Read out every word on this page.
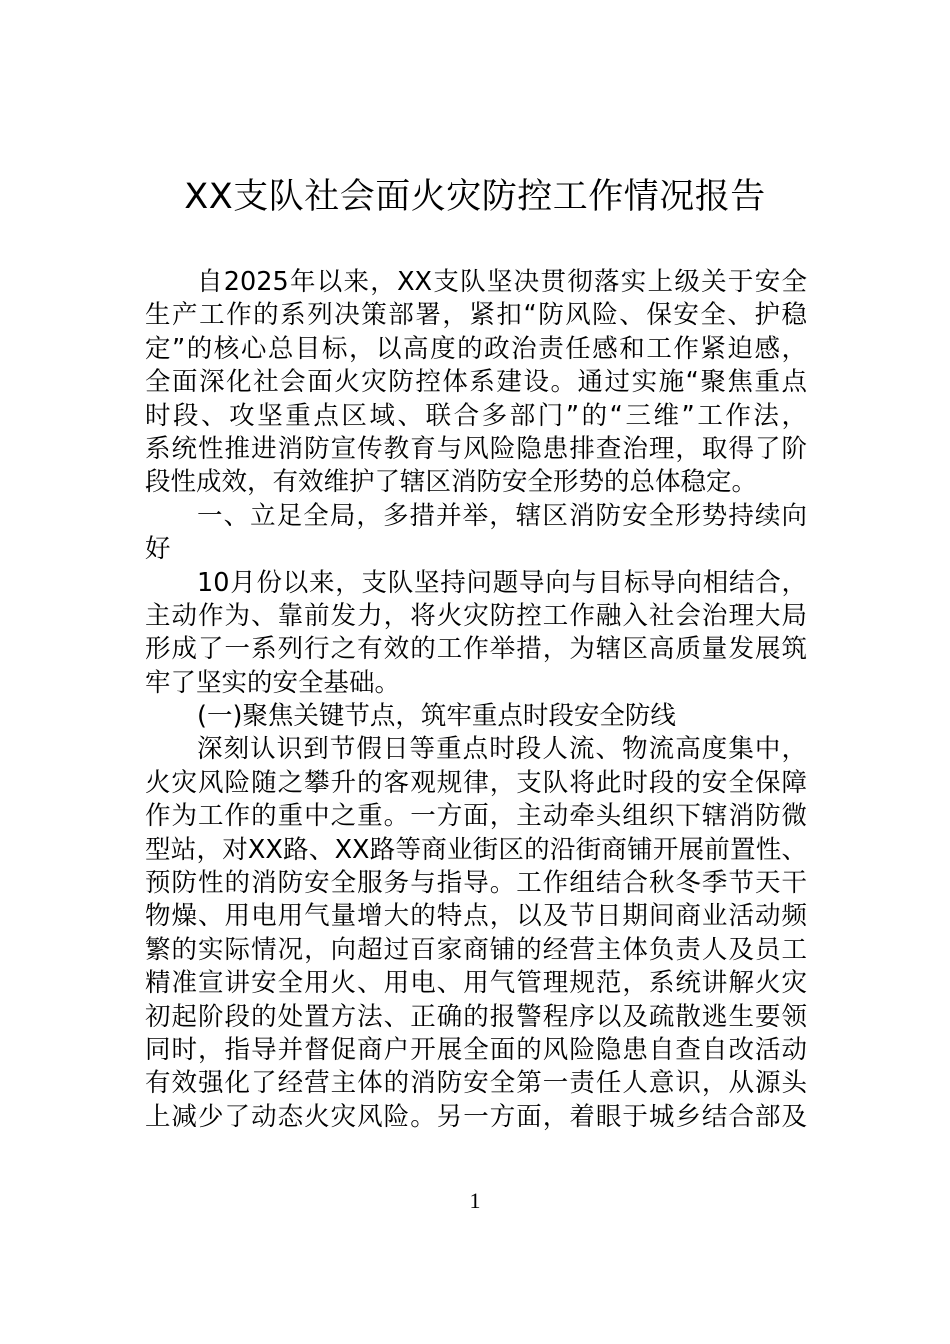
XX支队社会面火灾防控工作情况报告
自2025年以来，XX支队坚决贯彻落实上级关于安全
生产工作的系列决策部署，紧扣“防风险、保安全、护稳
定”的核心总目标，以高度的政治责任感和工作紧迫感，
全面深化社会面火灾防控体系建设。通过实施“聚焦重点
时段、攻坚重点区域、联合多部门”的“三维”工作法，
系统性推进消防宣传教育与风险隐患排查治理，取得了阶
段性成效，有效维护了辖区消防安全形势的总体稳定。
一、立足全局，多措并举，辖区消防安全形势持续向
好
10月份以来，支队坚持问题导向与目标导向相结合，
主动作为、靠前发力，将火灾防控工作融入社会治理大局
形成了一系列行之有效的工作举措，为辖区高质量发展筑
牢了坚实的安全基础。
(一)聚焦关键节点，筑牢重点时段安全防线
深刻认识到节假日等重点时段人流、物流高度集中，
火灾风险随之攀升的客观规律，支队将此时段的安全保障
作为工作的重中之重。一方面，主动牵头组织下辖消防微
型站，对XX路、XX路等商业街区的沿街商铺开展前置性、
预防性的消防安全服务与指导。工作组结合秋冬季节天干
物燥、用电用气量增大的特点，以及节日期间商业活动频
繁的实际情况，向超过百家商铺的经营主体负责人及员工
精准宣讲安全用火、用电、用气管理规范，系统讲解火灾
初起阶段的处置方法、正确的报警程序以及疏散逃生要领
同时，指导并督促商户开展全面的风险隐患自查自改活动
有效强化了经营主体的消防安全第一责任人意识，从源头
上减少了动态火灾风险。另一方面，着眼于城乡结合部及
1
